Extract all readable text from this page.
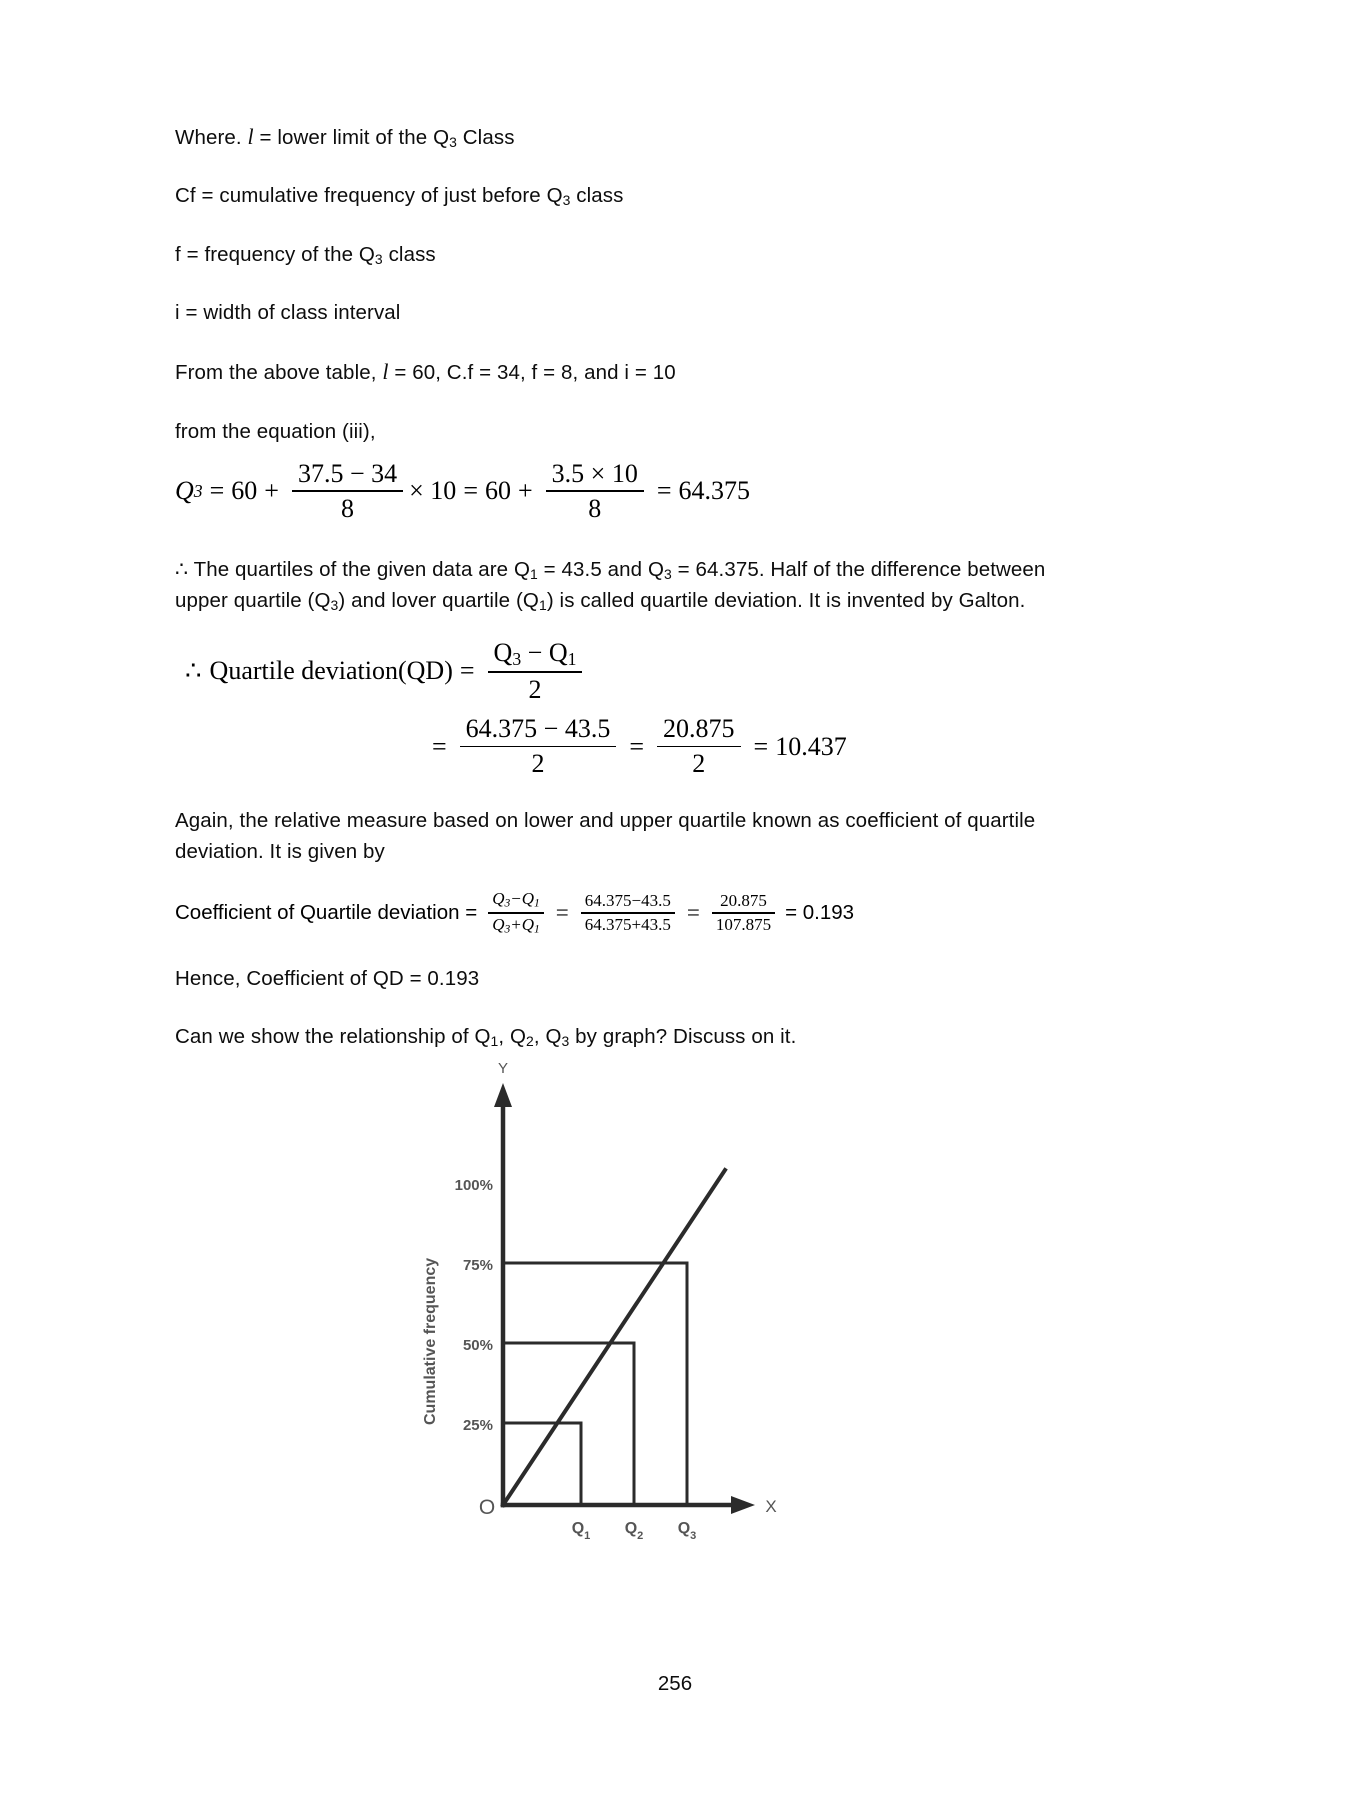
Where. l = lower limit of the $Q_3$ Class

Cf = cumulative frequency of just before $Q_3$ class

f = frequency of the $Q_3$ class

i = width of class interval

From the above table, l = 60, C.f = 34, f = 8, and i = 10

from the equation (iii),

Q $3 = 60 + \frac{37.5 - 34}{8} \times 10 = 60 + \frac{3.5 \times 10}{8} = 64.375$

∴ The quartiles of the given data are $Q_1 = 43.5$ and $Q_3 = 64.375$. Half of the difference between upper quartile $(Q_3)$ and lover quartile $(Q_1)$ is called quartile deviation. It is invented by Galton.

∴ Quartile deviation(QD) = $\frac{Q_3 - Q_1}{2}$
= $\frac{64.375 - 43.5}{2} = \frac{20.875}{2} = 10.437$

Again, the relative measure based on lower and upper quartile known as coefficient of quartile deviation. It is given by

Coefficient of Quartile deviation = $\frac{Q_3-Q_1}{Q_3+Q_1} = \frac{64.375-43.5}{64.375+43.5} = \frac{20.875}{107.875} = 0.193$

Hence, Coefficient of QD = 0.193

Can we show the relationship of $Q_1$, $Q_2$, $Q_3$ by graph? Discuss on it.

Y
X
O
25%
50%
75%
100%
Cumulative frequency
$Q_1$ $Q_2$ $Q_3$
256
